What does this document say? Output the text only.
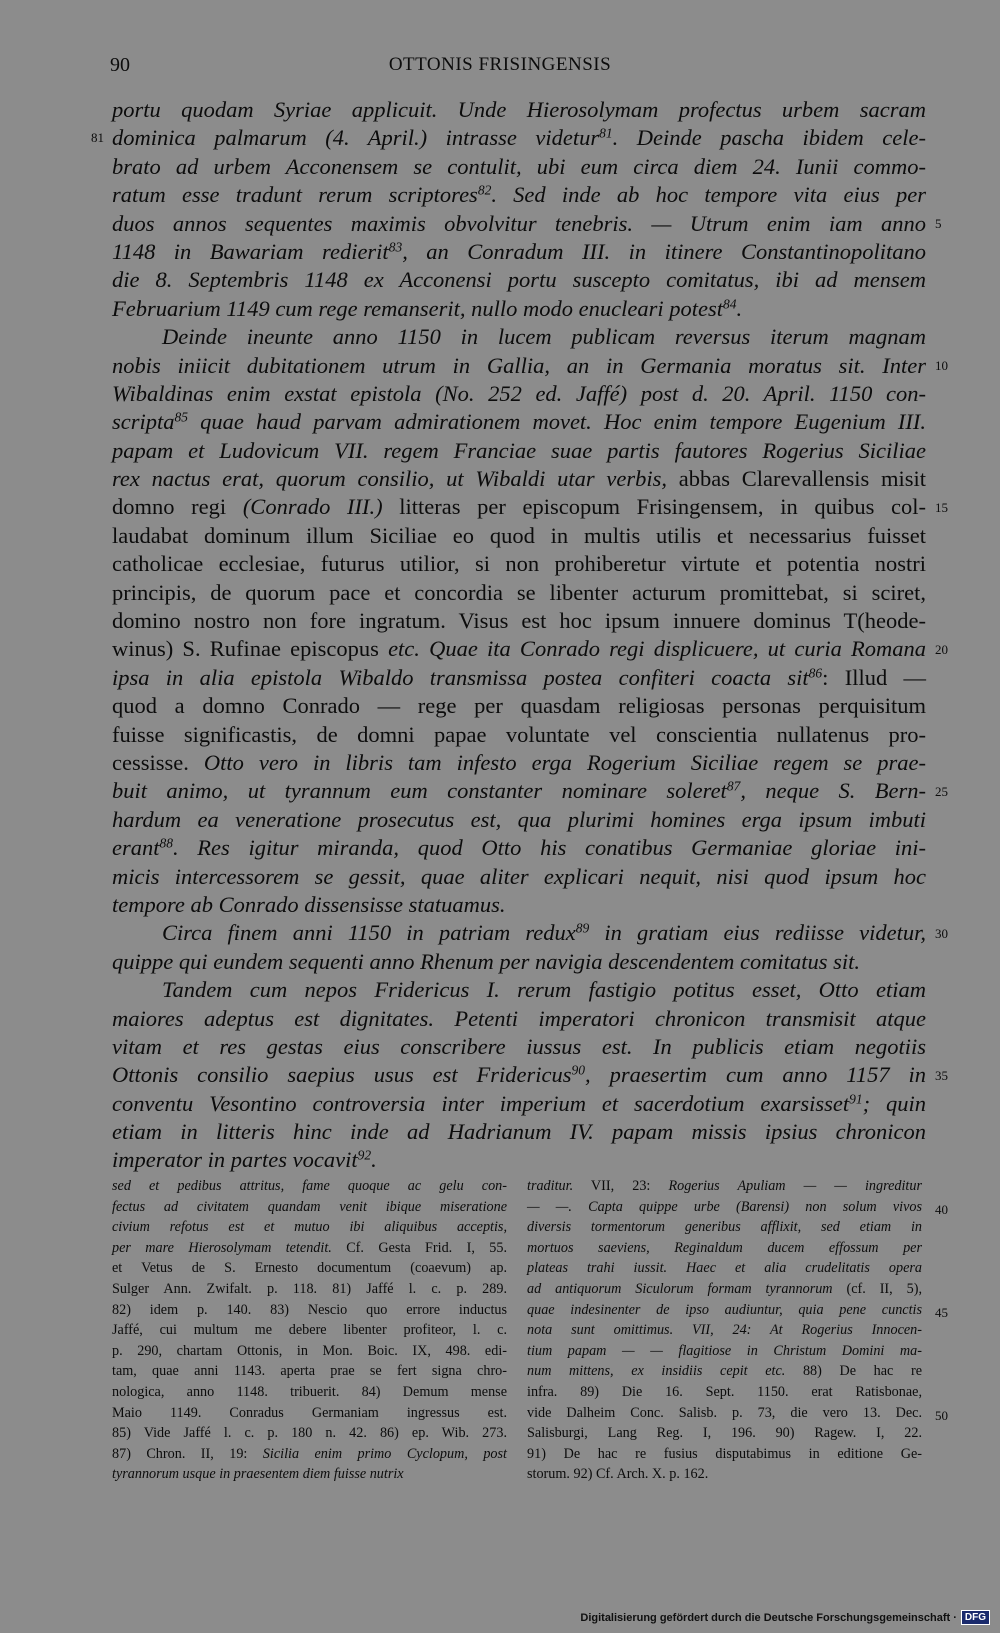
90	OTTONIS FRISINGENSIS
81
5
10
15
20
25
30
35
40
45
50
portu quodam Syriae applicuit. Unde Hierosolymam profectus urbem sacram
dominica palmarum (4. April.) intrasse videtur$^{81}$. Deinde pascha ibidem cele-
brato ad urbem Acconensem se contulit, ubi eum circa diem 24. Iunii commo-
ratum esse tradunt rerum scriptores$^{82}$. Sed inde ab hoc tempore vita eius per
duos annos sequentes maximis obvolvitur tenebris. — Utrum enim iam anno
1148 in Bawariam redierit$^{83}$, an Conradum III. in itinere Constantinopolitano
die 8. Septembris 1148 ex Acconensi portu suscepto comitatus, ibi ad mensem
Februarium 1149 cum rege remanserit, nullo modo enucleari potest$^{84}$.
Deinde ineunte anno 1150 in lucem publicam reversus iterum magnam
nobis iniicit dubitationem utrum in Gallia, an in Germania moratus sit. Inter
Wibaldinas enim exstat epistola (No. 252 ed. Jaffé) post d. 20. April. 1150 con-
scripta$^{85}$ quae haud parvam admirationem movet. Hoc enim tempore Eugenium III.
papam et Ludovicum VII. regem Franciae suae partis fautores Rogerius Siciliae
rex nactus erat, quorum consilio, ut Wibaldi utar verbis, abbas Clarevallensis misit
domno regi (Conrado III.) litteras per episcopum Frisingensem, in quibus col-
laudabat dominum illum Siciliae eo quod in multis utilis et necessarius fuisset
catholicae ecclesiae, futurus utilior, si non prohiberetur virtute et potentia nostri
principis, de quorum pace et concordia se libenter acturum promittebat, si sciret,
domino nostro non fore ingratum. Visus est hoc ipsum innuere dominus T(heode-
winus) S. Rufinae episcopus etc. Quae ita Conrado regi displicuere, ut curia Romana
ipsa in alia epistola Wibaldo transmissa postea confiteri coacta sit$^{86}$: Illud —
quod a domno Conrado — rege per quasdam religiosas personas perquisitum
fuisse significastis, de domni papae voluntate vel conscientia nullatenus pro-
cessisse. Otto vero in libris tam infesto erga Rogerium Siciliae regem se prae-
buit animo, ut tyrannum eum constanter nominare soleret$^{87}$, neque S. Bern-
hardum ea veneratione prosecutus est, qua plurimi homines erga ipsum imbuti
erant$^{88}$. Res igitur miranda, quod Otto his conatibus Germaniae gloriae ini-
micis intercessorem se gessit, quae aliter explicari nequit, nisi quod ipsum hoc
tempore ab Conrado dissensisse statuamus.
Circa finem anni 1150 in patriam redux$^{89}$ in gratiam eius rediisse videtur,
quippe qui eundem sequenti anno Rhenum per navigia descendentem comitatus sit.
Tandem cum nepos Fridericus I. rerum fastigio potitus esset, Otto etiam
maiores adeptus est dignitates. Petenti imperatori chronicon transmisit atque
vitam et res gestas eius conscribere iussus est. In publicis etiam negotiis
Ottonis consilio saepius usus est Fridericus$^{90}$, praesertim cum anno 1157 in
conventu Vesontino controversia inter imperium et sacerdotium exarsisset$^{91}$; quin
etiam in litteris hinc inde ad Hadrianum IV. papam missis ipsius chronicon
imperator in partes vocavit$^{92}$.
sed et pedibus attritus, fame quoque ac gelu con-
fectus ad civitatem quandam venit ibique miseratione
civium refotus est et mutuo ibi aliquibus acceptis,
per mare Hierosolymam tetendit. Cf. Gesta Frid. I, 55.
et Vetus de S. Ernesto documentum (coaevum) ap.
Sulger Ann. Zwifalt. p. 118. 81) Jaffé l. c. p. 289.
82) idem p. 140. 83) Nescio quo errore inductus
Jaffé, cui multum me debere libenter profiteor, l. c.
p. 290, chartam Ottonis, in Mon. Boic. IX, 498. edi-
tam, quae anni 1143. aperta prae se fert signa chro-
nologica, anno 1148. tribuerit. 84) Demum mense
Maio 1149. Conradus Germaniam ingressus est.
85) Vide Jaffé l. c. p. 180 n. 42. 86) ep. Wib. 273.
87) Chron. II, 19: Sicilia enim primo Cyclopum, post
tyrannorum usque in praesentem diem fuisse nutrix
traditur. VII, 23: Rogerius Apuliam — — ingreditur
— —. Capta quippe urbe (Barensi) non solum vivos
diversis tormentorum generibus afflixit, sed etiam in
mortuos saeviens, Reginaldum ducem effossum per
plateas trahi iussit. Haec et alia crudelitatis opera
ad antiquorum Siculorum formam tyrannorum (cf. II, 5),
quae indesinenter de ipso audiuntur, quia pene cunctis
nota sunt omittimus. VII, 24: At Rogerius Innocen-
tium papam — — flagitiose in Christum Domini ma-
num mittens, ex insidiis cepit etc. 88) De hac re
infra. 89) Die 16. Sept. 1150. erat Ratisbonae,
vide Dalheim Conc. Salisb. p. 73, die vero 13. Dec.
Salisburgi, Lang Reg. I, 196. 90) Ragew. I, 22.
91) De hac re fusius disputabimus in editione Ge-
storum. 92) Cf. Arch. X. p. 162.
Digitalisierung gefördert durch die Deutsche Forschungsgemeinschaft · DFG
